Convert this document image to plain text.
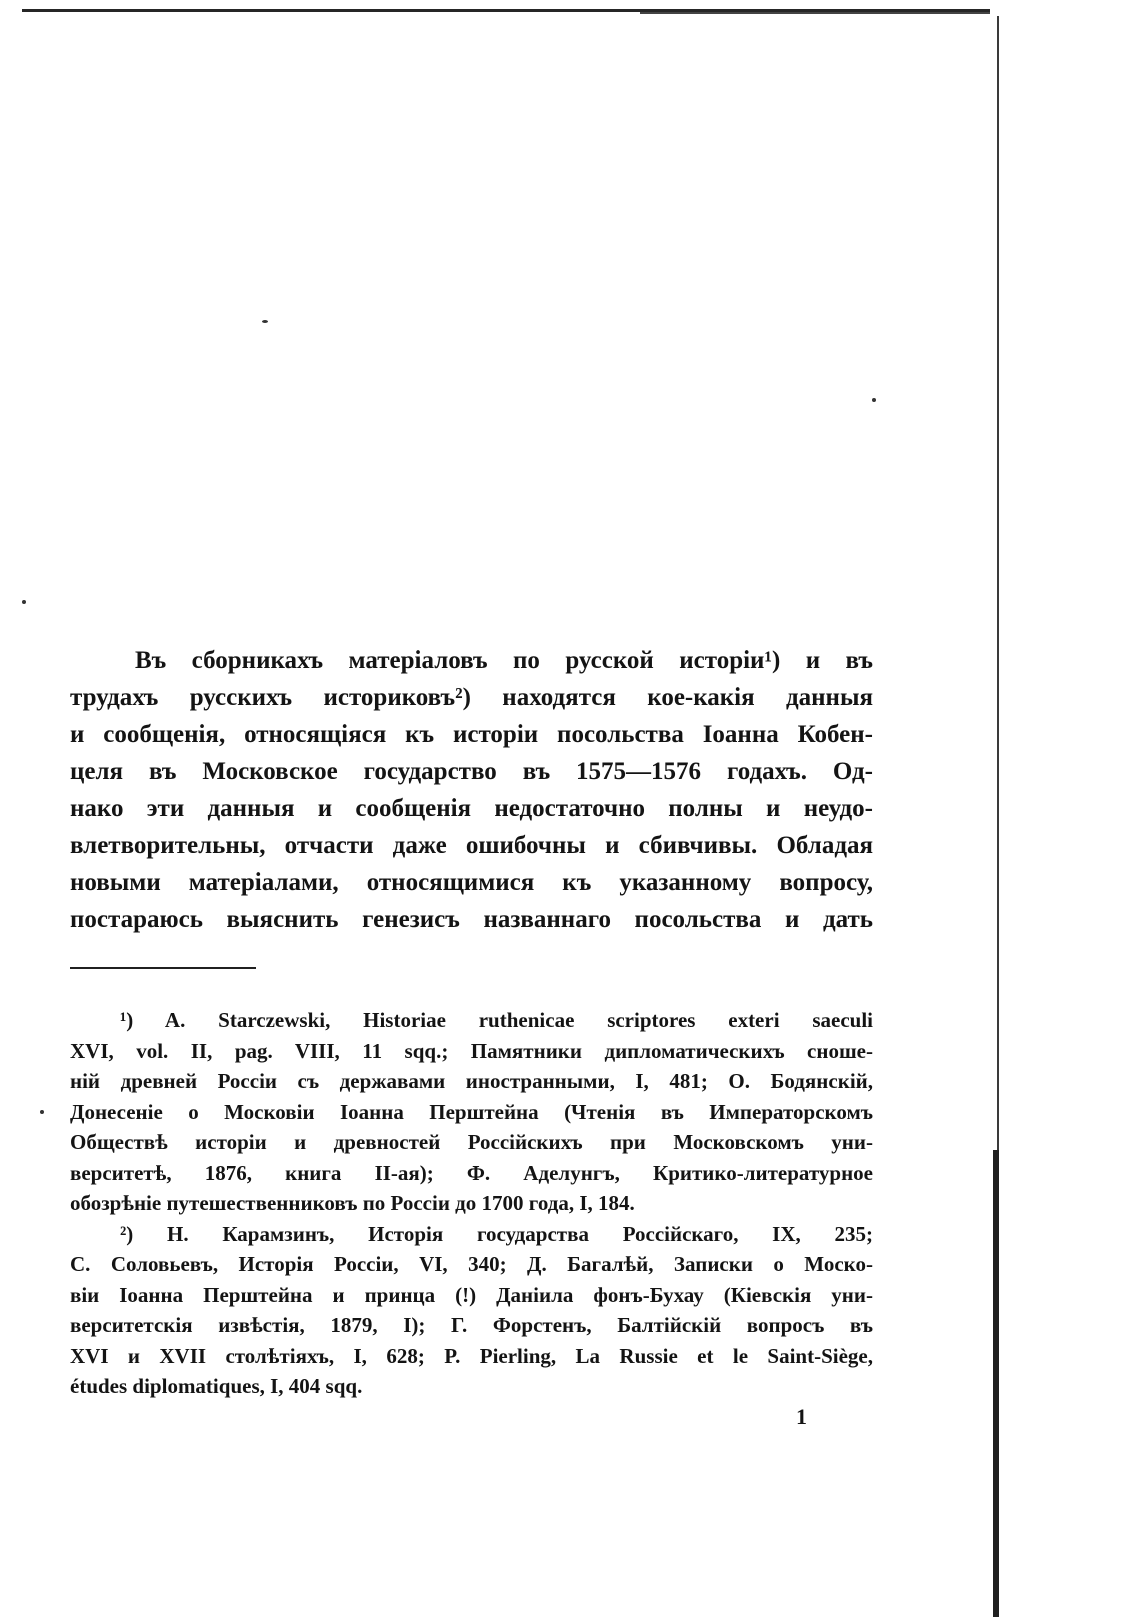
Въ сборникахъ матеріаловъ по русской исторіи¹) и въ
трудахъ русскихъ историковъ²) находятся кое-какія данныя
и сообщенія, относящіяся къ исторіи посольства Іоанна Кобен-
целя въ Московское государство въ 1575—1576 годахъ. Од-
нако эти данныя и сообщенія недостаточно полны и неудо-
влетворительны, отчасти даже ошибочны и сбивчивы. Обладая
новыми матеріалами, относящимися къ указанному вопросу,
постараюсь выяснить генезисъ названнаго посольства и дать
¹) A. Starczewski, Historiae ruthenicae scriptores exteri saeculi
XVI, vol. II, pag. VIII, 11 sqq.; Памятники дипломатическихъ сноше-
ній древней Россіи съ державами иностранными, I, 481; О. Бодянскій,
Донесеніе о Московіи Іоанна Перштейна (Чтенія въ Императорскомъ
Обществѣ исторіи и древностей Россійскихъ при Московскомъ уни-
верситетѣ, 1876, книга II-ая); Ф. Аделунгъ, Критико-литературное
обозрѣніе путешественниковъ по Россіи до 1700 года, I, 184.
²) Н. Карамзинъ, Исторія государства Россійскаго, IX, 235;
С. Соловьевъ, Исторія Россіи, VI, 340; Д. Багалѣй, Записки о Моско-
віи Іоанна Перштейна и принца (!) Даніила фонъ-Бухау (Кіевскія уни-
верситетскія извѣстія, 1879, I); Г. Форстенъ, Балтійскій вопросъ въ
XVI и XVII столѣтіяхъ, I, 628; P. Pierling, La Russie et le Saint-Siège,
études diplomatiques, I, 404 sqq.
1
